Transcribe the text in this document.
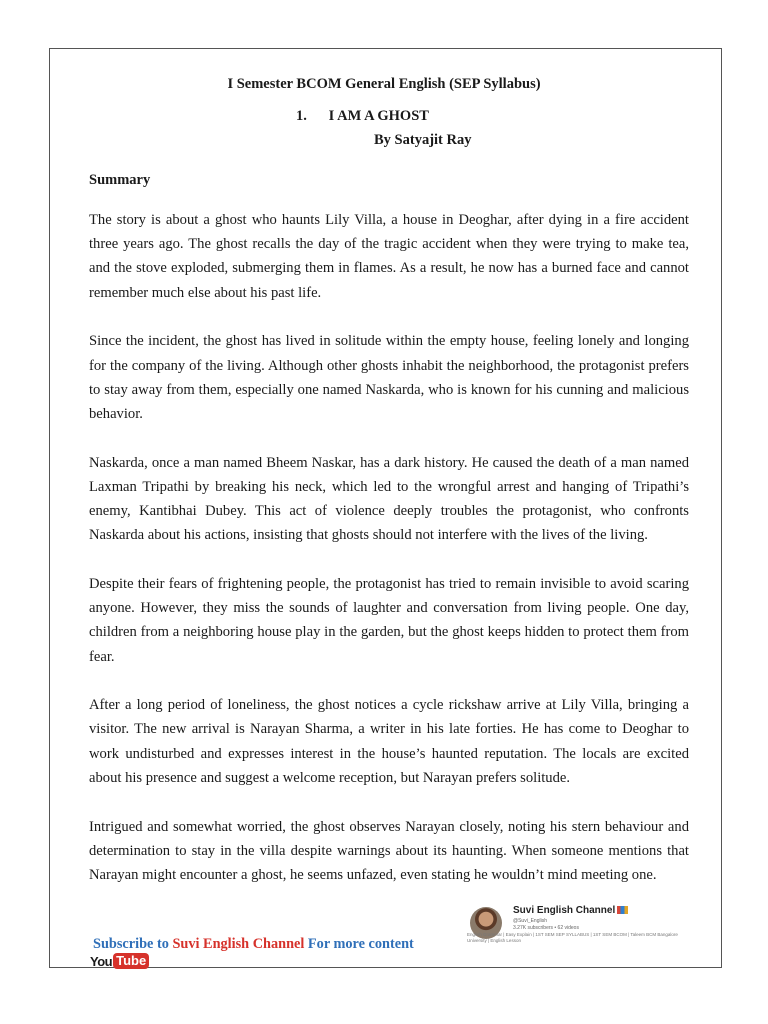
I Semester BCOM General English (SEP Syllabus)
1.      I AM A GHOST
By Satyajit Ray
Summary

The story is about a ghost who haunts Lily Villa, a house in Deoghar, after dying in a fire accident three years ago. The ghost recalls the day of the tragic accident when they were trying to make tea, and the stove exploded, submerging them in flames. As a result, he now has a burned face and cannot remember much else about his past life.

Since the incident, the ghost has lived in solitude within the empty house, feeling lonely and longing for the company of the living. Although other ghosts inhabit the neighborhood, the protagonist prefers to stay away from them, especially one named Naskarda, who is known for his cunning and malicious behavior.

Naskarda, once a man named Bheem Naskar, has a dark history. He caused the death of a man named Laxman Tripathi by breaking his neck, which led to the wrongful arrest and hanging of Tripathi’s enemy, Kantibhai Dubey. This act of violence deeply troubles the protagonist, who confronts Naskarda about his actions, insisting that ghosts should not interfere with the lives of the living.

Despite their fears of frightening people, the protagonist has tried to remain invisible to avoid scaring anyone. However, they miss the sounds of laughter and conversation from living people. One day, children from a neighboring house play in the garden, but the ghost keeps hidden to protect them from fear.

After a long period of loneliness, the ghost notices a cycle rickshaw arrive at Lily Villa, bringing a visitor. The new arrival is Narayan Sharma, a writer in his late forties. He has come to Deoghar to work undisturbed and expresses interest in the house’s haunted reputation. The locals are excited about his presence and suggest a welcome reception, but Narayan prefers solitude.

Intrigued and somewhat worried, the ghost observes Narayan closely, noting his stern behaviour and determination to stay in the villa despite warnings about its haunting. When someone mentions that Narayan might encounter a ghost, he seems unfazed, even stating he wouldn’t mind meeting one.

Suvi English Channel
@Suvi_English
3.27K subscribers • 62 videos
English Grammar | Easy Explain | 1ST SEM SEP SYLLABUS | 1ST SEM BCOM | Taleem BCM Bangalore University | English Lesson
Subscribe to Suvi English Channel For more content
You Tube
